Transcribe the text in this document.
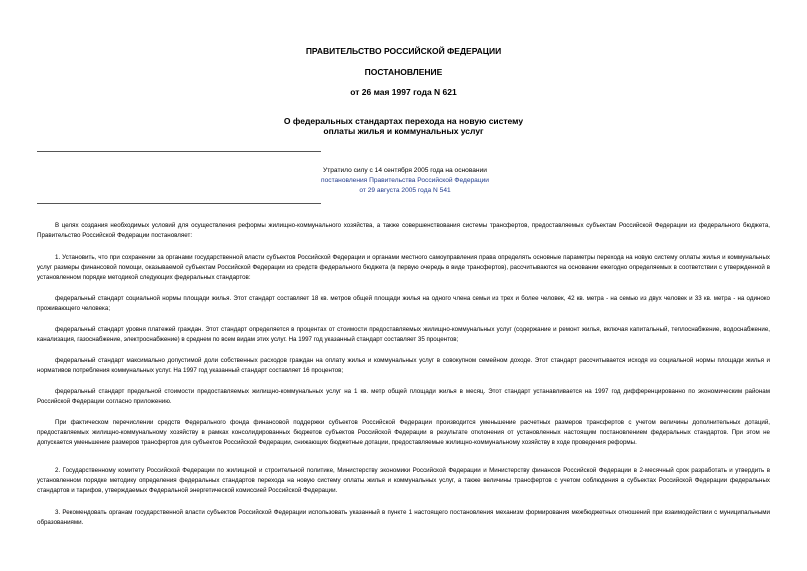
ПРАВИТЕЛЬСТВО РОССИЙСКОЙ ФЕДЕРАЦИИ
ПОСТАНОВЛЕНИЕ
от 26 мая 1997 года N 621
О федеральных стандартах перехода на новую систему
оплаты жилья и коммунальных услуг
Утратило силу с 14 сентября 2005 года на основании
постановления Правительства Российской Федерации
от 29 августа 2005 года N 541

В целях создания необходимых условий для осуществления реформы жилищно-коммунального хозяйства, а также совершенствования системы трансфертов, предоставляемых субъектам Российской Федерации из федерального бюджета, Правительство Российской Федерации постановляет:

1. Установить, что при сохранении за органами государственной власти субъектов Российской Федерации и органами местного самоуправления права определять основные параметры перехода на новую систему оплаты жилья и коммунальных услуг размеры финансовой помощи, оказываемой субъектам Российской Федерации из средств федерального бюджета (в первую очередь в виде трансфертов), рассчитываются на основании ежегодно определяемых в соответствии с утвержденной в установленном порядке методикой следующих федеральных стандартов:

федеральный стандарт социальной нормы площади жилья. Этот стандарт составляет 18 кв. метров общей площади жилья на одного члена семьи из трех и более человек, 42 кв. метра - на семью из двух человек и 33 кв. метра - на одиноко проживающего человека;

федеральный стандарт уровня платежей граждан. Этот стандарт определяется в процентах от стоимости предоставляемых жилищно-коммунальных услуг (содержание и ремонт жилья, включая капитальный, теплоснабжение, водоснабжение, канализация, газоснабжение, электроснабжение) в среднем по всем видам этих услуг. На 1997 год указанный стандарт составляет 35 процентов;

федеральный стандарт максимально допустимой доли собственных расходов граждан на оплату жилья и коммунальных услуг в совокупном семейном доходе. Этот стандарт рассчитывается исходя из социальной нормы площади жилья и нормативов потребления коммунальных услуг. На 1997 год указанный стандарт составляет 16 процентов;

федеральный стандарт предельной стоимости предоставляемых жилищно-коммунальных услуг на 1 кв. метр общей площади жилья в месяц. Этот стандарт устанавливается на 1997 год дифференцированно по экономическим районам Российской Федерации согласно приложению.

При фактическом перечислении средств Федерального фонда финансовой поддержки субъектов Российской Федерации производится уменьшение расчетных размеров трансфертов с учетом величины дополнительных дотаций, предоставляемых жилищно-коммунальному хозяйству в рамках консолидированных бюджетов субъектов Российской Федерации в результате отклонения от установленных настоящим постановлением федеральных стандартов. При этом не допускается уменьшение размеров трансфертов для субъектов Российской Федерации, снижающих бюджетные дотации, предоставляемые жилищно-коммунальному хозяйству в ходе проведения реформы.

2. Государственному комитету Российской Федерации по жилищной и строительной политике, Министерству экономики Российской Федерации и Министерству финансов Российской Федерации в 2-месячный срок разработать и утвердить в установленном порядке методику определения федеральных стандартов перехода на новую систему оплаты жилья и коммунальных услуг, а также величины трансфертов с учетом соблюдения в субъектах Российской Федерации федеральных стандартов и тарифов, утверждаемых Федеральной энергетической комиссией Российской Федерации.

3. Рекомендовать органам государственной власти субъектов Российской Федерации использовать указанный в пункте 1 настоящего постановления механизм формирования межбюджетных отношений при взаимодействии с муниципальными образованиями.
